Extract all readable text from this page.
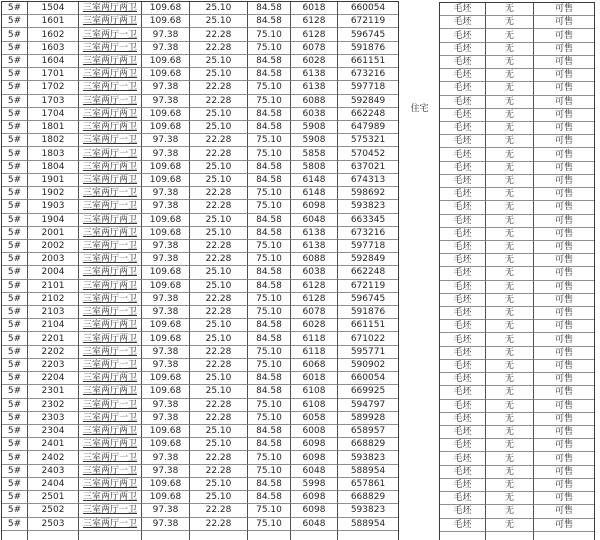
5#	1504	三室两厅两卫	109.68	25.10	84.58	6018	660054
5#	1601	三室两厅两卫	109.68	25.10	84.58	6128	672119
5#	1602	三室两厅一卫	97.38	22.28	75.10	6128	596745
5#	1603	三室两厅一卫	97.38	22.28	75.10	6078	591876
5#	1604	三室两厅两卫	109.68	25.10	84.58	6028	661151
5#	1701	三室两厅两卫	109.68	25.10	84.58	6138	673216
5#	1702	三室两厅一卫	97.38	22.28	75.10	6138	597718
5#	1703	三室两厅一卫	97.38	22.28	75.10	6088	592849
5#	1704	三室两厅两卫	109.68	25.10	84.58	6038	662248
5#	1801	三室两厅两卫	109.68	25.10	84.58	5908	647989
5#	1802	三室两厅一卫	97.38	22.28	75.10	5908	575321
5#	1803	三室两厅一卫	97.38	22.28	75.10	5858	570452
5#	1804	三室两厅两卫	109.68	25.10	84.58	5808	637021
5#	1901	三室两厅两卫	109.68	25.10	84.58	6148	674313
5#	1902	三室两厅一卫	97.38	22.28	75.10	6148	598692
5#	1903	三室两厅一卫	97.38	22.28	75.10	6098	593823
5#	1904	三室两厅两卫	109.68	25.10	84.58	6048	663345
5#	2001	三室两厅两卫	109.68	25.10	84.58	6138	673216
5#	2002	三室两厅一卫	97.38	22.28	75.10	6138	597718
5#	2003	三室两厅一卫	97.38	22.28	75.10	6088	592849
5#	2004	三室两厅两卫	109.68	25.10	84.58	6038	662248
5#	2101	三室两厅两卫	109.68	25.10	84.58	6128	672119
5#	2102	三室两厅一卫	97.38	22.28	75.10	6128	596745
5#	2103	三室两厅一卫	97.38	22.28	75.10	6078	591876
5#	2104	三室两厅两卫	109.68	25.10	84.58	6028	661151
5#	2201	三室两厅两卫	109.68	25.10	84.58	6118	671022
5#	2202	三室两厅一卫	97.38	22.28	75.10	6118	595771
5#	2203	三室两厅一卫	97.38	22.28	75.10	6068	590902
5#	2204	三室两厅两卫	109.68	25.10	84.58	6018	660054
5#	2301	三室两厅两卫	109.68	25.10	84.58	6108	669925
5#	2302	三室两厅一卫	97.38	22.28	75.10	6108	594797
5#	2303	三室两厅一卫	97.38	22.28	75.10	6058	589928
5#	2304	三室两厅两卫	109.68	25.10	84.58	6008	658957
5#	2401	三室两厅两卫	109.68	25.10	84.58	6098	668829
5#	2402	三室两厅一卫	97.38	22.28	75.10	6098	593823
5#	2403	三室两厅一卫	97.38	22.28	75.10	6048	588954
5#	2404	三室两厅两卫	109.68	25.10	84.58	5998	657861
5#	2501	三室两厅两卫	109.68	25.10	84.58	6098	668829
5#	2502	三室两厅一卫	97.38	22.28	75.10	6098	593823
5#	2503	三室两厅一卫	97.38	22.28	75.10	6048	588954
住宅
毛坯	无	可售
毛坯	无	可售
毛坯	无	可售
毛坯	无	可售
毛坯	无	可售
毛坯	无	可售
毛坯	无	可售
毛坯	无	可售
毛坯	无	可售
毛坯	无	可售
毛坯	无	可售
毛坯	无	可售
毛坯	无	可售
毛坯	无	可售
毛坯	无	可售
毛坯	无	可售
毛坯	无	可售
毛坯	无	可售
毛坯	无	可售
毛坯	无	可售
毛坯	无	可售
毛坯	无	可售
毛坯	无	可售
毛坯	无	可售
毛坯	无	可售
毛坯	无	可售
毛坯	无	可售
毛坯	无	可售
毛坯	无	可售
毛坯	无	可售
毛坯	无	可售
毛坯	无	可售
毛坯	无	可售
毛坯	无	可售
毛坯	无	可售
毛坯	无	可售
毛坯	无	可售
毛坯	无	可售
毛坯	无	可售
毛坯	无	可售
